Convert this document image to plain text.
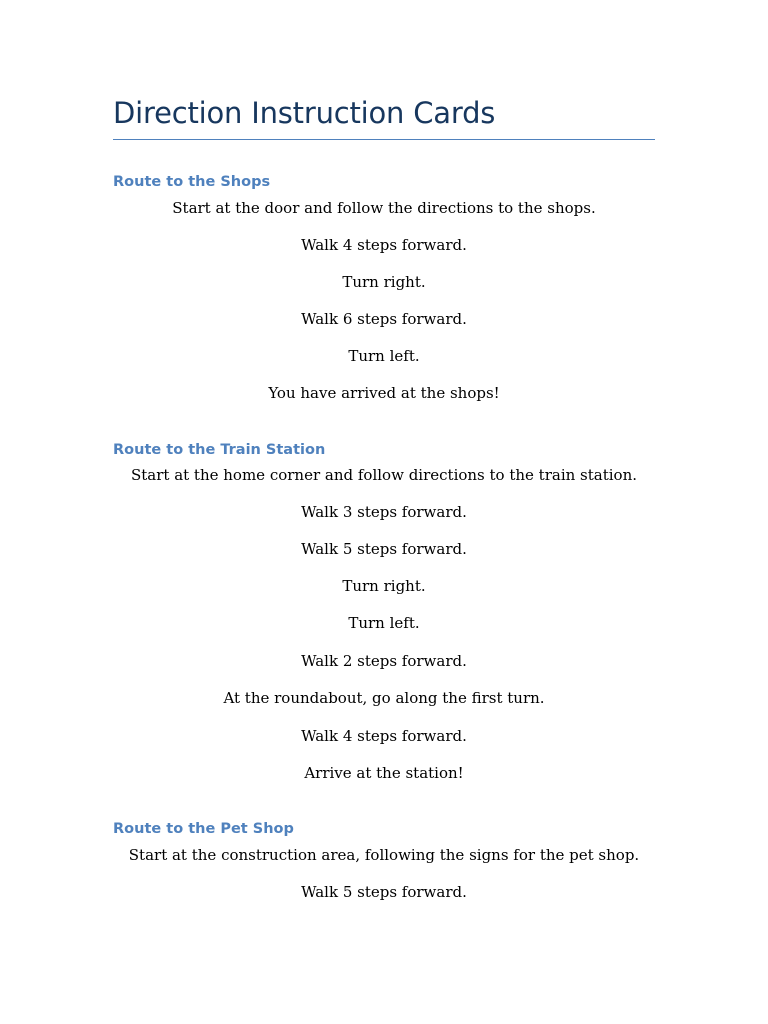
Direction Instruction Cards
Route to the Shops

Start at the door and follow the directions to the shops.

Walk 4 steps forward.

Turn right.

Walk 6 steps forward.

Turn left.

You have arrived at the shops!

Route to the Train Station

Start at the home corner and follow directions to the train station.

Walk 3 steps forward.

Walk 5 steps forward.

Turn right.

Turn left.

Walk 2 steps forward.

At the roundabout, go along the first turn.

Walk 4 steps forward.

Arrive at the station!

Route to the Pet Shop

Start at the construction area, following the signs for the pet shop.

Walk 5 steps forward.
